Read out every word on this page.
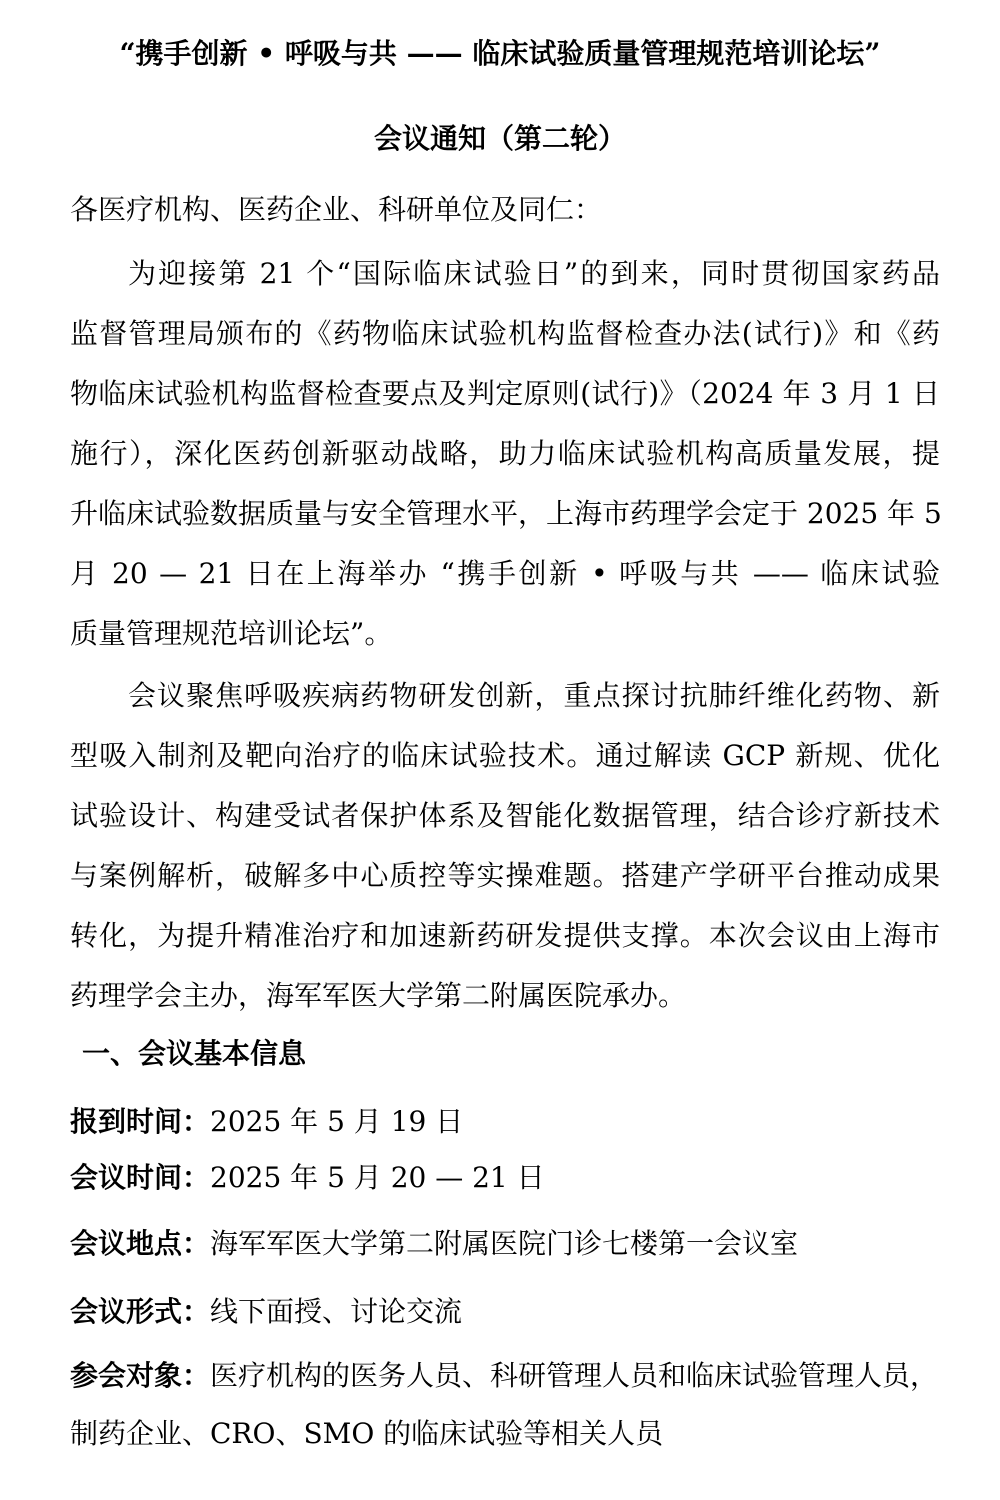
“携手创新 • 呼吸与共 —— 临床试验质量管理规范培训论坛”
会议通知（第二轮）
各医疗机构、医药企业、科研单位及同仁：
为迎接第 21 个“国际临床试验日”的到来，同时贯彻国家药品
监督管理局颁布的《药物临床试验机构监督检查办法(试行)》和《药
物临床试验机构监督检查要点及判定原则(试行)》（2024 年 3 月 1 日
施行），深化医药创新驱动战略，助力临床试验机构高质量发展，提
升临床试验数据质量与安全管理水平，上海市药理学会定于 2025 年 5
月 20 — 21 日在上海举办 “携手创新 • 呼吸与共 —— 临床试验
质量管理规范培训论坛”。
会议聚焦呼吸疾病药物研发创新，重点探讨抗肺纤维化药物、新
型吸入制剂及靶向治疗的临床试验技术。通过解读 GCP 新规、优化
试验设计、构建受试者保护体系及智能化数据管理，结合诊疗新技术
与案例解析，破解多中心质控等实操难题。搭建产学研平台推动成果
转化，为提升精准治疗和加速新药研发提供支撑。本次会议由上海市
药理学会主办，海军军医大学第二附属医院承办。
一、会议基本信息
报到时间：2025 年 5 月 19 日
会议时间：2025 年 5 月 20 — 21 日
会议地点：海军军医大学第二附属医院门诊七楼第一会议室
会议形式：线下面授、讨论交流
参会对象：医疗机构的医务人员、科研管理人员和临床试验管理人员，
制药企业、CRO、SMO 的临床试验等相关人员
